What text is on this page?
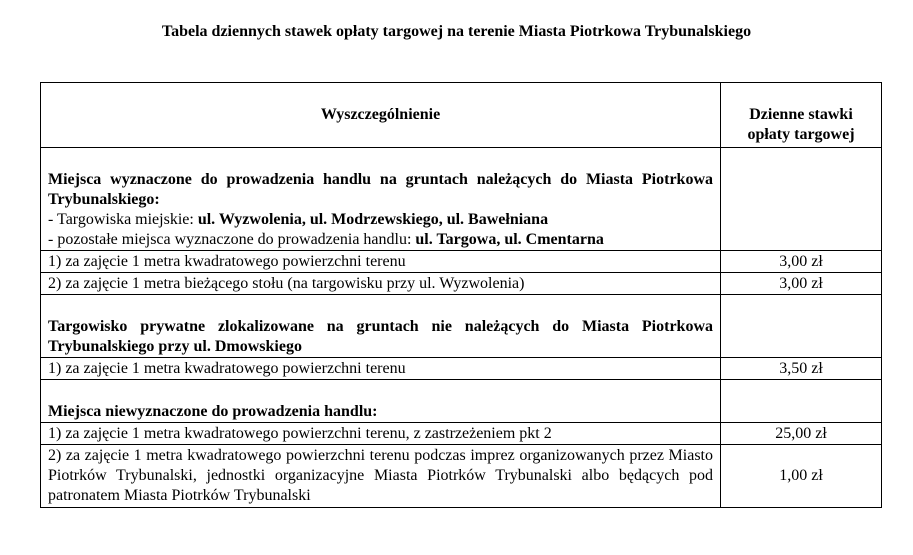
Tabela dziennych stawek opłaty targowej na terenie Miasta Piotrkowa Trybunalskiego
Wyszczególnienie	Dzienne stawki opłaty targowej
Miejsca wyznaczone do prowadzenia handlu na gruntach należących do Miasta Piotrkowa Trybunalskiego:
- Targowiska miejskie: ul. Wyzwolenia, ul. Modrzewskiego, ul. Bawełniana
- pozostałe miejsca wyznaczone do prowadzenia handlu: ul. Targowa, ul. Cmentarna	
1) za zajęcie 1 metra kwadratowego powierzchni terenu	3,00 zł
2) za zajęcie 1 metra bieżącego stołu (na targowisku przy ul. Wyzwolenia)	3,00 zł
Targowisko prywatne zlokalizowane na gruntach nie należących do Miasta Piotrkowa Trybunalskiego przy ul. Dmowskiego	
1) za zajęcie 1 metra kwadratowego powierzchni terenu	3,50 zł
Miejsca niewyznaczone do prowadzenia handlu:	
1) za zajęcie 1 metra kwadratowego powierzchni terenu, z zastrzeżeniem pkt 2	25,00 zł
2) za zajęcie 1 metra kwadratowego powierzchni terenu podczas imprez organizowanych przez Miasto Piotrków Trybunalski, jednostki organizacyjne Miasta Piotrków Trybunalski albo będących pod patronatem Miasta Piotrków Trybunalski	1,00 zł
